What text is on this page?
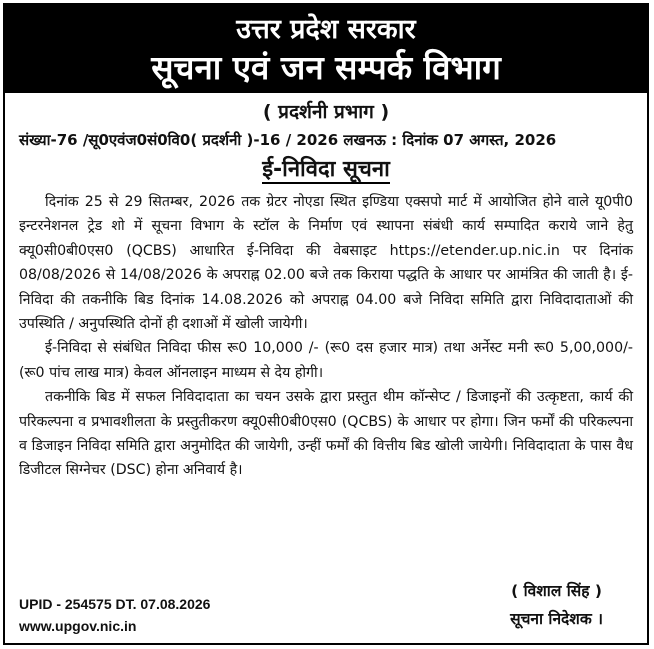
उत्तर प्रदेश सरकार
सूचना एवं जन सम्पर्क विभाग
( प्रदर्शनी प्रभाग )
संख्या-76 /सू0एवंज0सं0वि0( प्रदर्शनी )-16 / 2026 लखनऊ : दिनांक 07 अगस्त, 2026
ई-निविदा सूचना

दिनांक 25 से 29 सितम्बर, 2026 तक ग्रेटर नोएडा स्थित इण्डिया एक्सपो मार्ट में आयोजित होने वाले यू0पी0 इन्टरनेशनल ट्रेड शो में सूचना विभाग के स्टॉल के निर्माण एवं स्थापना संबंधी कार्य सम्पादित कराये जाने हेतु क्यू0सी0बी0एस0 (QCBS) आधारित ई-निविदा की वेबसाइट https://etender.up.nic.in पर दिनांक 08/08/2026 से 14/08/2026 के अपराह्न 02.00 बजे तक किराया पद्धति के आधार पर आमंत्रित की जाती है। ई-निविदा की तकनीकि बिड दिनांक 14.08.2026 को अपराह्न 04.00 बजे निविदा समिति द्वारा निविदादाताओं की उपस्थिति / अनुपस्थिति दोनों ही दशाओं में खोली जायेगी।

ई-निविदा से संबंधित निविदा फीस रू0 10,000 /- (रू0 दस हजार मात्र) तथा अर्नेस्ट मनी रू0 5,00,000/- (रू0 पांच लाख मात्र) केवल ऑनलाइन माध्यम से देय होगी।

तकनीकि बिड में सफल निविदादाता का चयन उसके द्वारा प्रस्तुत थीम कॉन्सेप्ट / डिजाइनों की उत्कृष्टता, कार्य की परिकल्पना व प्रभावशीलता के प्रस्तुतीकरण क्यू0सी0बी0एस0 (QCBS) के आधार पर होगा। जिन फर्मों की परिकल्पना व डिजाइन निविदा समिति द्वारा अनुमोदित की जायेगी, उन्हीं फर्मों की वित्तीय बिड खोली जायेगी। निविदादाता के पास वैध डिजीटल सिग्नेचर (DSC) होना अनिवार्य है।

UPID - 254575 DT. 07.08.2026
www.upgov.nic.in
( विशाल सिंह )
सूचना निदेशक ।
